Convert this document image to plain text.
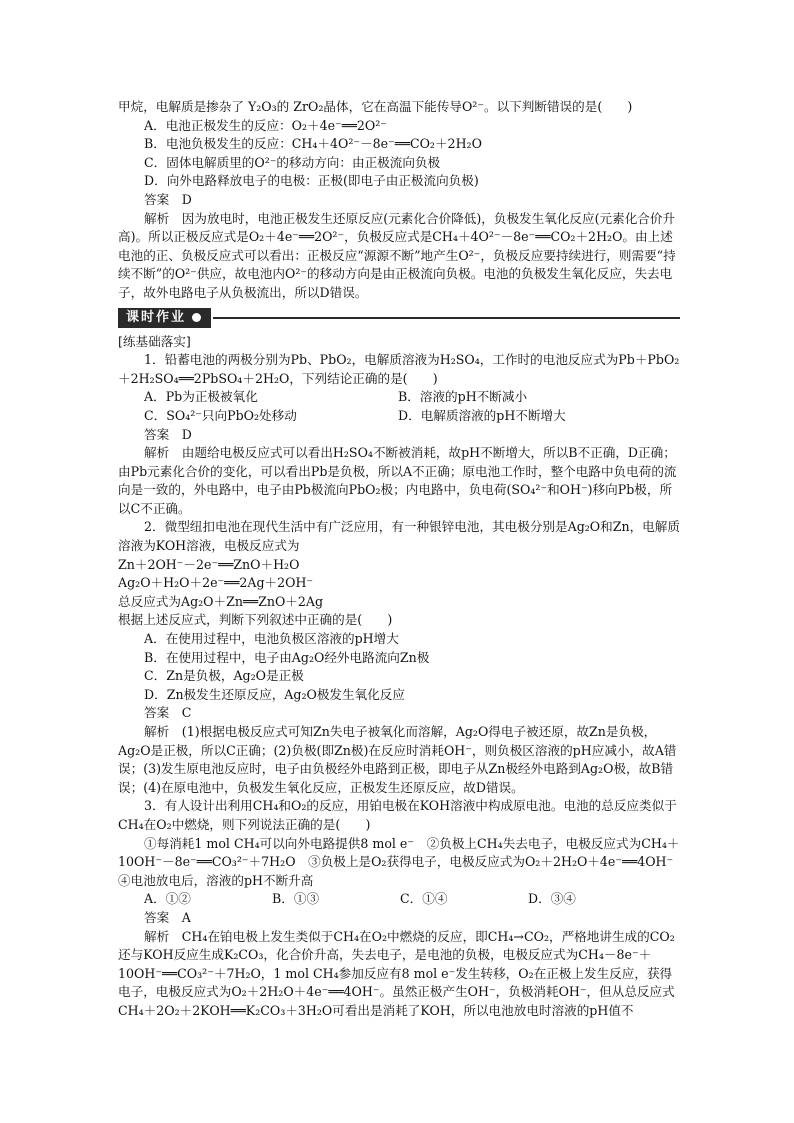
甲烷，电解质是掺杂了 Y₂O₃的 ZrO₂晶体，它在高温下能传导O²⁻。以下判断错误的是(　　)

A．电池正极发生的反应：O₂＋4e⁻══2O²⁻

B．电池负极发生的反应：CH₄＋4O²⁻－8e⁻══CO₂＋2H₂O

C．固体电解质里的O²⁻的移动方向：由正极流向负极

D．向外电路释放电子的电极：正极(即电子由正极流向负极)

答案　D

解析　因为放电时，电池正极发生还原反应(元素化合价降低)，负极发生氧化反应(元素化合价升高)。所以正极反应式是O₂＋4e⁻══2O²⁻，负极反应式是CH₄＋4O²⁻－8e⁻══CO₂＋2H₂O。由上述电池的正、负极反应式可以看出：正极反应“源源不断”地产生O²⁻，负极反应要持续进行，则需要“持续不断”的O²⁻供应，故电池内O²⁻的移动方向是由正极流向负极。电池的负极发生氧化反应，失去电子，故外电路电子从负极流出，所以D错误。

课时作业

[练基础落实]

1．铅蓄电池的两极分别为Pb、PbO₂，电解质溶液为H₂SO₄，工作时的电池反应式为Pb＋PbO₂＋2H₂SO₄══2PbSO₄＋2H₂O，下列结论正确的是(　　)

A．Pb为正极被氧化	B．溶液的pH不断减小
C．SO₄²⁻只向PbO₂处移动	D．电解质溶液的pH不断增大

答案　D

解析　由题给电极反应式可以看出H₂SO₄不断被消耗，故pH不断增大，所以B不正确，D正确；由Pb元素化合价的变化，可以看出Pb是负极，所以A不正确；原电池工作时，整个电路中负电荷的流向是一致的，外电路中，电子由Pb极流向PbO₂极；内电路中，负电荷(SO₄²⁻和OH⁻)移向Pb极，所以C不正确。

2．微型纽扣电池在现代生活中有广泛应用，有一种银锌电池，其电极分别是Ag₂O和Zn，电解质溶液为KOH溶液，电极反应式为

Zn＋2OH⁻－2e⁻══ZnO＋H₂O

Ag₂O＋H₂O＋2e⁻══2Ag＋2OH⁻

总反应式为Ag₂O＋Zn══ZnO＋2Ag

根据上述反应式，判断下列叙述中正确的是(　　)

A．在使用过程中，电池负极区溶液的pH增大

B．在使用过程中，电子由Ag₂O经外电路流向Zn极

C．Zn是负极，Ag₂O是正极

D．Zn极发生还原反应，Ag₂O极发生氧化反应

答案　C

解析　(1)根据电极反应式可知Zn失电子被氧化而溶解，Ag₂O得电子被还原，故Zn是负极，Ag₂O是正极，所以C正确；(2)负极(即Zn极)在反应时消耗OH⁻，则负极区溶液的pH应减小，故A错误；(3)发生原电池反应时，电子由负极经外电路到正极，即电子从Zn极经外电路到Ag₂O极，故B错误；(4)在原电池中，负极发生氧化反应，正极发生还原反应，故D错误。

3．有人设计出利用CH₄和O₂的反应，用铂电极在KOH溶液中构成原电池。电池的总反应类似于CH₄在O₂中燃烧，则下列说法正确的是(　　)

①每消耗1 mol CH₄可以向外电路提供8 mol e⁻　②负极上CH₄失去电子，电极反应式为CH₄＋10OH⁻－8e⁻══CO₃²⁻＋7H₂O　③负极上是O₂获得电子，电极反应式为O₂＋2H₂O＋4e⁻══4OH⁻　④电池放电后，溶液的pH不断升高

A．①②	B．①③	C．①④	D．③④

答案　A

解析　CH₄在铂电极上发生类似于CH₄在O₂中燃烧的反应，即CH₄→CO₂，严格地讲生成的CO₂还与KOH反应生成K₂CO₃，化合价升高，失去电子，是电池的负极，电极反应式为CH₄－8e⁻＋10OH⁻══CO₃²⁻＋7H₂O，1 mol CH₄参加反应有8 mol e⁻发生转移，O₂在正极上发生反应，获得电子，电极反应式为O₂＋2H₂O＋4e⁻══4OH⁻。虽然正极产生OH⁻，负极消耗OH⁻，但从总反应式CH₄＋2O₂＋2KOH══K₂CO₃＋3H₂O可看出是消耗了KOH，所以电池放电时溶液的pH值不
